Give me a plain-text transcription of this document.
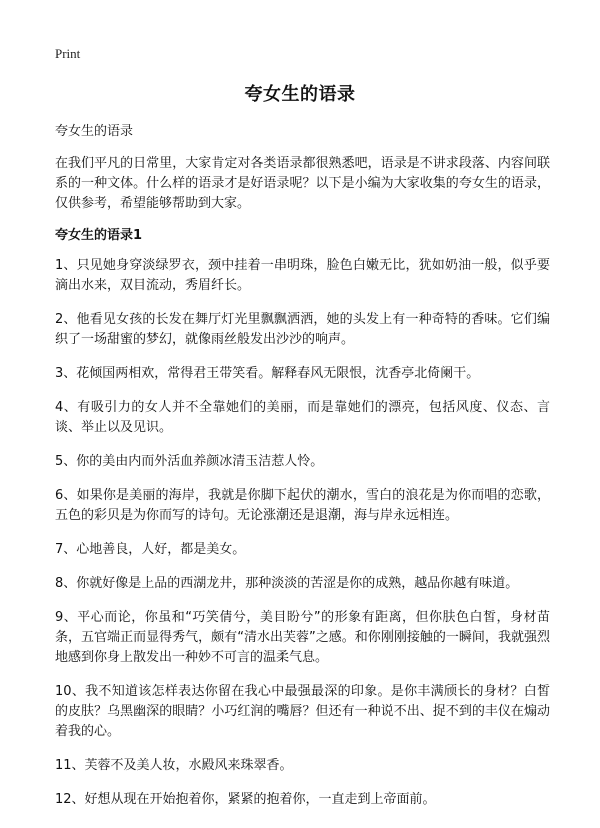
Print
夸女生的语录

夸女生的语录

在我们平凡的日常里，大家肯定对各类语录都很熟悉吧，语录是不讲求段落、内容间联系的一种文体。什么样的语录才是好语录呢？以下是小编为大家收集的夸女生的语录，仅供参考，希望能够帮助到大家。

夸女生的语录1

1、只见她身穿淡绿罗衣，颈中挂着一串明珠，脸色白嫩无比，犹如奶油一般，似乎要滴出水来，双目流动，秀眉纤长。

2、他看见女孩的长发在舞厅灯光里飘飘洒洒，她的头发上有一种奇特的香味。它们编织了一场甜蜜的梦幻，就像雨丝般发出沙沙的响声。

3、花倾国两相欢，常得君王带笑看。解释春风无限恨，沈香亭北倚阑干。

4、有吸引力的女人并不全靠她们的美丽，而是靠她们的漂亮，包括风度、仪态、言谈、举止以及见识。

5、你的美由内而外活血养颜冰清玉洁惹人怜。

6、如果你是美丽的海岸，我就是你脚下起伏的潮水，雪白的浪花是为你而唱的恋歌，五色的彩贝是为你而写的诗句。无论涨潮还是退潮，海与岸永远相连。

7、心地善良，人好，都是美女。

8、你就好像是上品的西湖龙井，那种淡淡的苦涩是你的成熟，越品你越有味道。

9、平心而论，你虽和“巧笑倩兮，美目盼兮”的形象有距离，但你肤色白皙，身材苗条，五官端正而显得秀气，颇有“清水出芙蓉”之感。和你刚刚接触的一瞬间，我就强烈地感到你身上散发出一种妙不可言的温柔气息。

10、我不知道该怎样表达你留在我心中最强最深的印象。是你丰满颀长的身材？白皙的皮肤？乌黑幽深的眼睛？小巧红润的嘴唇？但还有一种说不出、捉不到的丰仪在煽动着我的心。

11、芙蓉不及美人妆，水殿风来珠翠香。

12、好想从现在开始抱着你，紧紧的抱着你，一直走到上帝面前。
